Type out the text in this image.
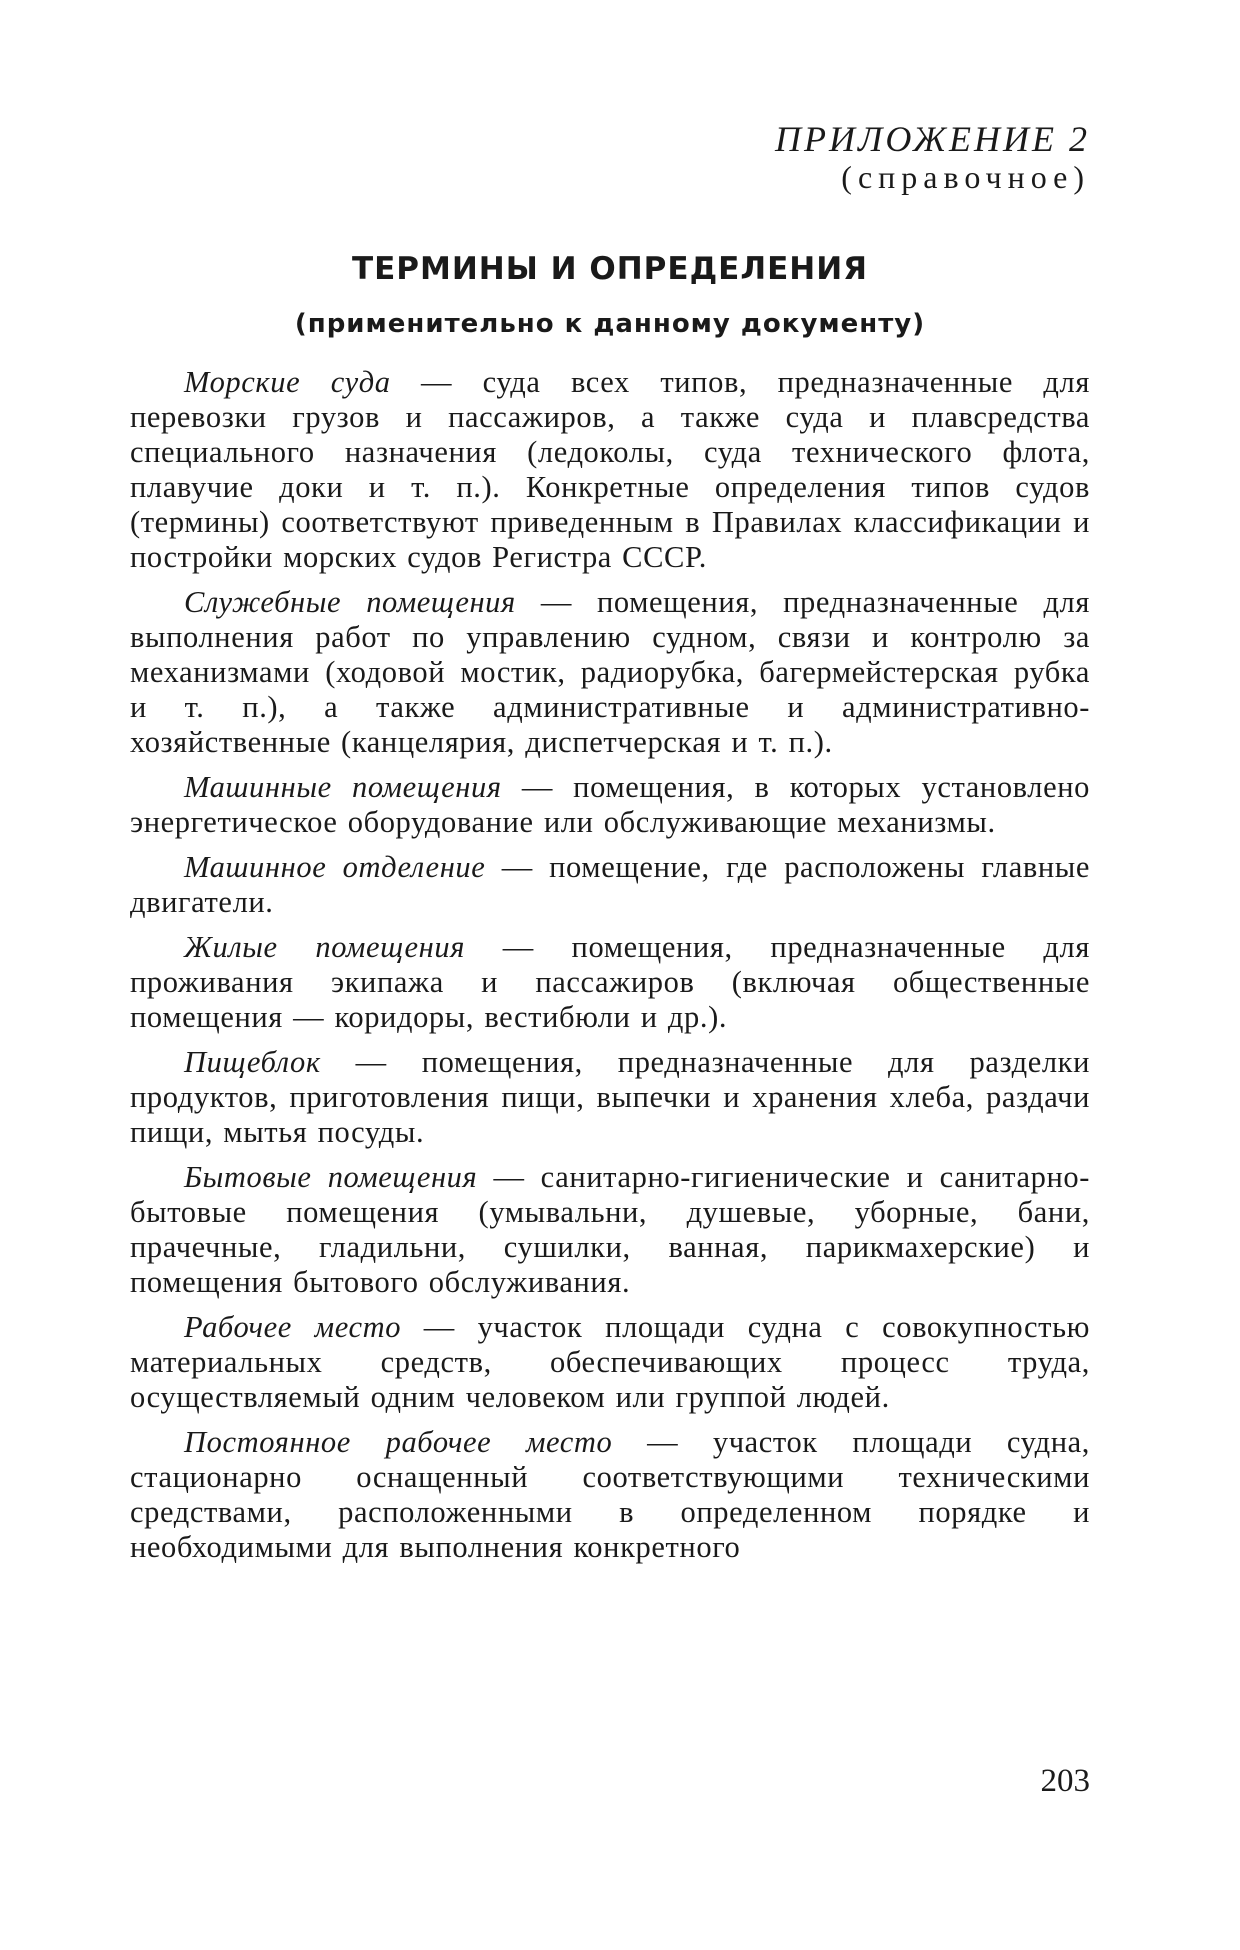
ПРИЛОЖЕНИЕ 2

(справочное)

ТЕРМИНЫ И ОПРЕДЕЛЕНИЯ
(применительно к данному документу)

Морские суда — суда всех типов, предназначенные для перевозки грузов и пассажиров, а также суда и плавсредства специального назначения (ледоколы, суда технического флота, плавучие доки и т. п.). Конкретные определения типов судов (термины) соответствуют приведенным в Правилах классификации и постройки морских судов Регистра СССР.

Служебные помещения — помещения, предназначенные для выполнения работ по управлению судном, связи и контролю за механизмами (ходовой мостик, радиорубка, багермейстерская рубка и т. п.), а также административные и административно-хозяйственные (канцелярия, диспетчерская и т. п.).

Машинные помещения — помещения, в которых установлено энергетическое оборудование или обслуживающие механизмы.

Машинное отделение — помещение, где расположены главные двигатели.

Жилые помещения — помещения, предназначенные для проживания экипажа и пассажиров (включая общественные помещения — коридоры, вестибюли и др.).

Пищеблок — помещения, предназначенные для разделки продуктов, приготовления пищи, выпечки и хранения хлеба, раздачи пищи, мытья посуды.

Бытовые помещения — санитарно-гигиенические и санитарно-бытовые помещения (умывальни, душевые, уборные, бани, прачечные, гладильни, сушилки, ванная, парикмахерские) и помещения бытового обслуживания.

Рабочее место — участок площади судна с совокупностью материальных средств, обеспечивающих процесс труда, осуществляемый одним человеком или группой людей.

Постоянное рабочее место — участок площади судна, стационарно оснащенный соответствующими техническими средствами, расположенными в определенном порядке и необходимыми для выполнения конкретного

203
